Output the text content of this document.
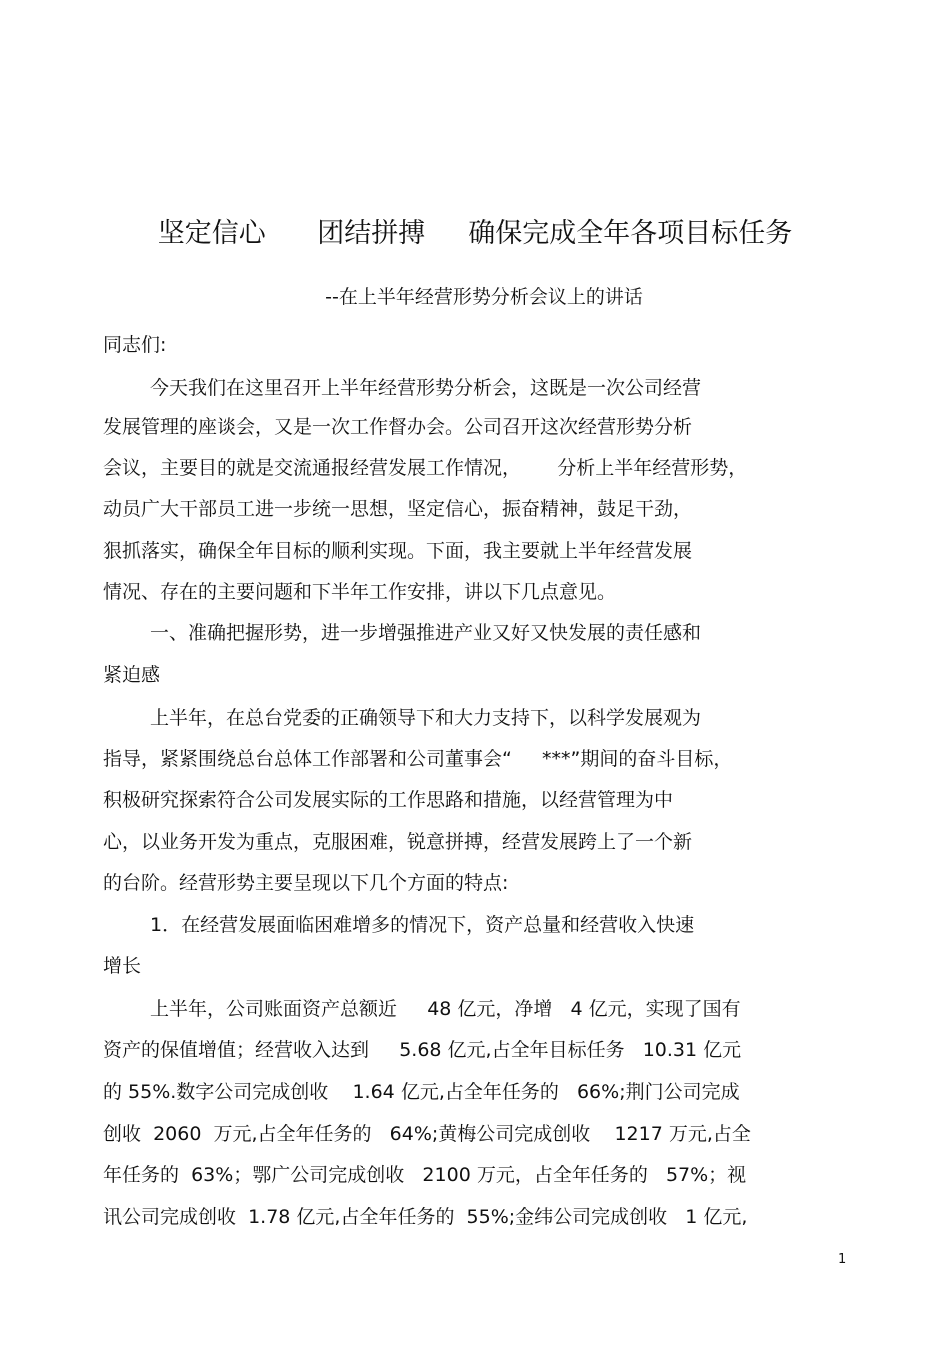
坚定信心      团结拼搏     确保完成全年各项目标任务
--在上半年经营形势分析会议上的讲话
同志们:
今天我们在这里召开上半年经营形势分析会，这既是一次公司经营
发展管理的座谈会，又是一次工作督办会。公司召开这次经营形势分析
会议，主要目的就是交流通报经营发展工作情况，      分析上半年经营形势，
动员广大干部员工进一步统一思想，坚定信心，振奋精神，鼓足干劲，
狠抓落实，确保全年目标的顺利实现。下面，我主要就上半年经营发展
情况、存在的主要问题和下半年工作安排，讲以下几点意见。
一、准确把握形势，进一步增强推进产业又好又快发展的责任感和
紧迫感
上半年，在总台党委的正确领导下和大力支持下，以科学发展观为
指导，紧紧围绕总台总体工作部署和公司董事会“     ***”期间的奋斗目标，
积极研究探索符合公司发展实际的工作思路和措施，以经营管理为中
心，以业务开发为重点，克服困难，锐意拼搏，经营发展跨上了一个新
的台阶。经营形势主要呈现以下几个方面的特点:
1．在经营发展面临困难增多的情况下，资产总量和经营收入快速
增长
上半年，公司账面资产总额近     48 亿元，净增   4 亿元，实现了国有
资产的保值增值；经营收入达到     5.68 亿元,占全年目标任务   10.31 亿元
的 55%.数字公司完成创收    1.64 亿元,占全年任务的   66%;荆门公司完成
创收  2060  万元,占全年任务的   64%;黄梅公司完成创收    1217 万元,占全
年任务的  63%；鄂广公司完成创收   2100 万元，占全年任务的   57%；视
讯公司完成创收  1.78 亿元,占全年任务的  55%;金纬公司完成创收   1 亿元,
1
